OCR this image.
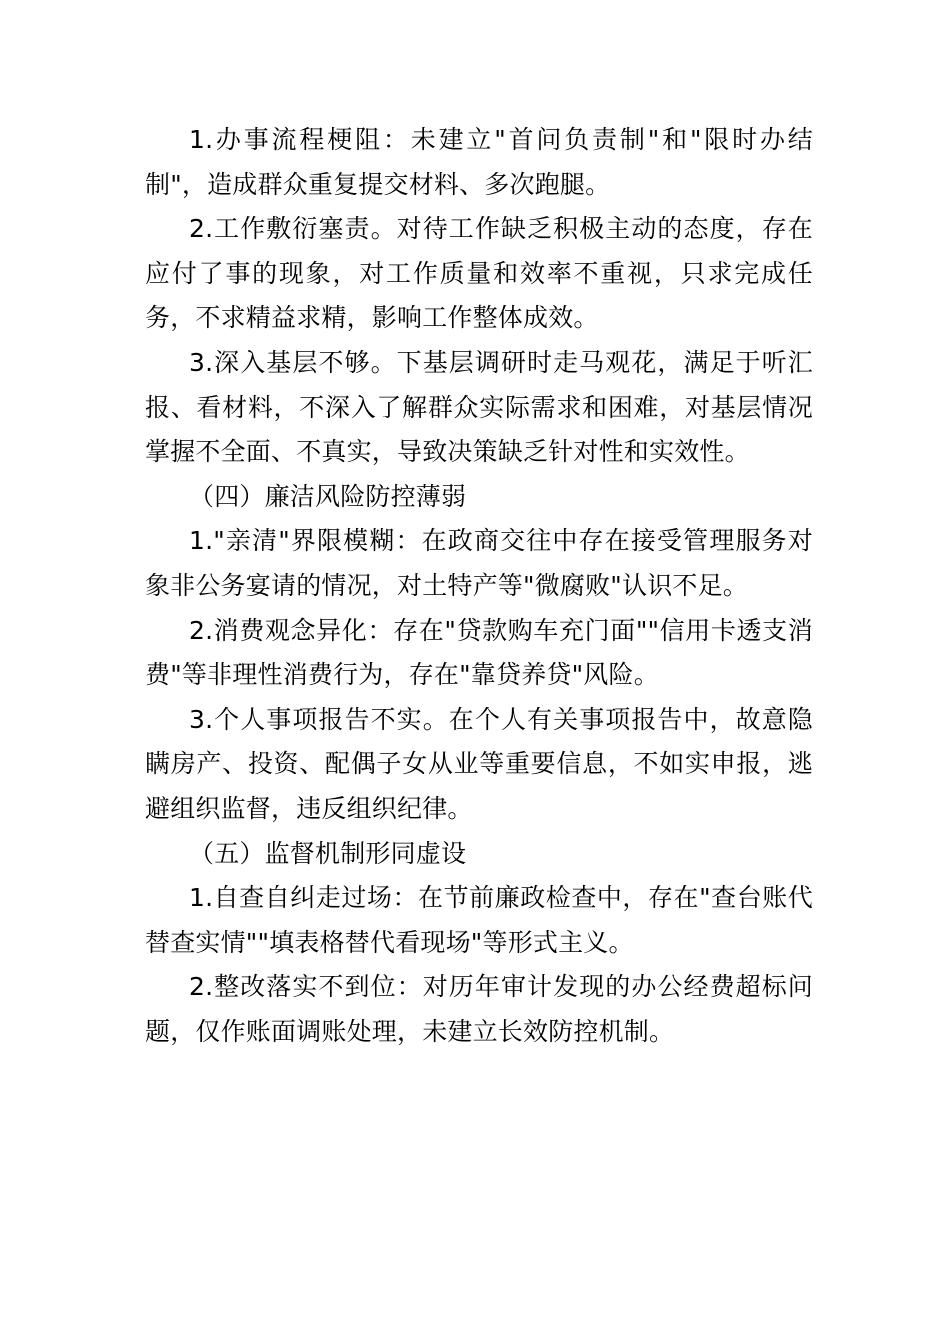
1.办事流程梗阻：未建立"首问负责制"和"限时办结制"，造成群众重复提交材料、多次跑腿。

2.工作敷衍塞责。对待工作缺乏积极主动的态度，存在应付了事的现象，对工作质量和效率不重视，只求完成任务，不求精益求精，影响工作整体成效。

3.深入基层不够。下基层调研时走马观花，满足于听汇报、看材料，不深入了解群众实际需求和困难，对基层情况掌握不全面、不真实，导致决策缺乏针对性和实效性。

（四）廉洁风险防控薄弱

1."亲清"界限模糊：在政商交往中存在接受管理服务对象非公务宴请的情况，对土特产等"微腐败"认识不足。

2.消费观念异化：存在"贷款购车充门面""信用卡透支消费"等非理性消费行为，存在"靠贷养贷"风险。

3.个人事项报告不实。在个人有关事项报告中，故意隐瞒房产、投资、配偶子女从业等重要信息，不如实申报，逃避组织监督，违反组织纪律。

（五）监督机制形同虚设

1.自查自纠走过场：在节前廉政检查中，存在"查台账代替查实情""填表格替代看现场"等形式主义。

2.整改落实不到位：对历年审计发现的办公经费超标问题，仅作账面调账处理，未建立长效防控机制。
